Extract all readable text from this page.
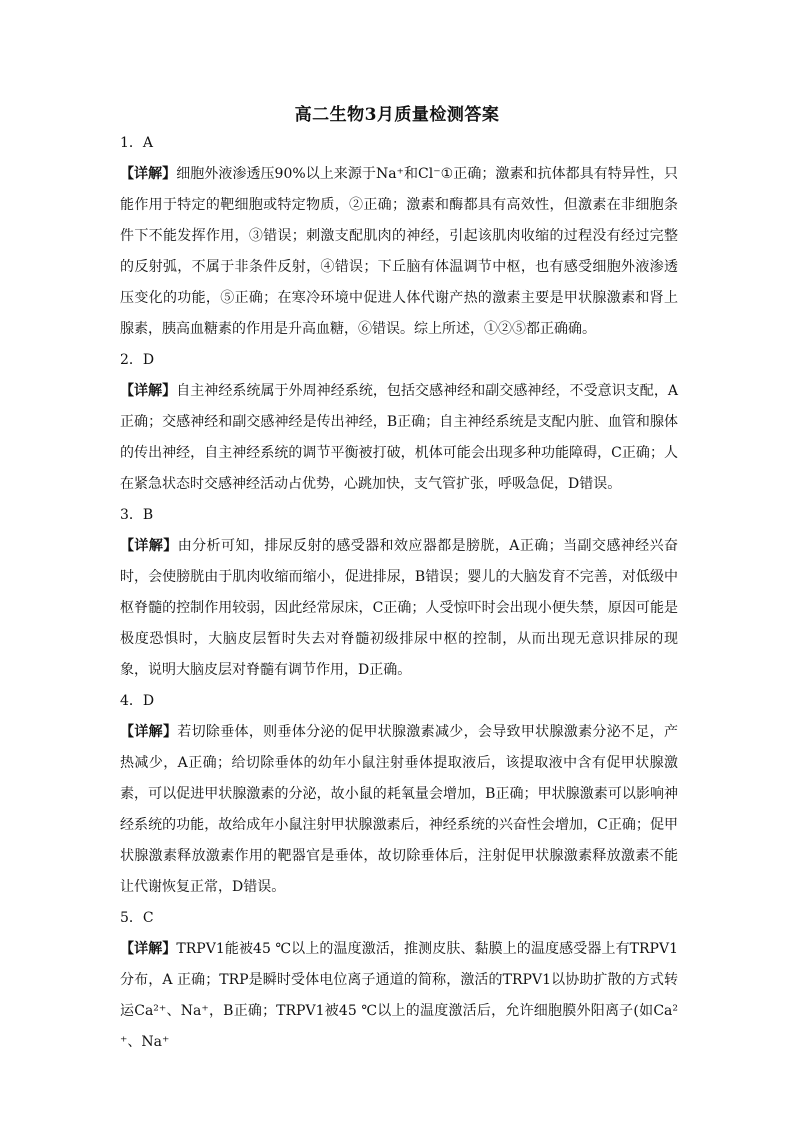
高二生物3月质量检测答案

1．A

【详解】细胞外液渗透压90%以上来源于Na⁺和Cl⁻①正确；激素和抗体都具有特异性，只能作用于特定的靶细胞或特定物质，②正确；激素和酶都具有高效性，但激素在非细胞条件下不能发挥作用，③错误；刺激支配肌肉的神经，引起该肌肉收缩的过程没有经过完整的反射弧，不属于非条件反射，④错误；下丘脑有体温调节中枢，也有感受细胞外液渗透压变化的功能，⑤正确；在寒冷环境中促进人体代谢产热的激素主要是甲状腺激素和肾上腺素，胰高血糖素的作用是升高血糖，⑥错误。综上所述，①②⑤都正确确。

2．D

【详解】自主神经系统属于外周神经系统，包括交感神经和副交感神经，不受意识支配，A正确；交感神经和副交感神经是传出神经，B正确；自主神经系统是支配内脏、血管和腺体的传出神经，自主神经系统的调节平衡被打破，机体可能会出现多种功能障碍，C正确；人在紧急状态时交感神经活动占优势，心跳加快，支气管扩张，呼吸急促，D错误。

3．B

【详解】由分析可知，排尿反射的感受器和效应器都是膀胱，A正确；当副交感神经兴奋时，会使膀胱由于肌肉收缩而缩小，促进排尿，B错误；婴儿的大脑发育不完善，对低级中枢脊髓的控制作用较弱，因此经常尿床，C正确；人受惊吓时会出现小便失禁，原因可能是极度恐惧时，大脑皮层暂时失去对脊髓初级排尿中枢的控制，从而出现无意识排尿的现象，说明大脑皮层对脊髓有调节作用，D正确。

4．D

【详解】若切除垂体，则垂体分泌的促甲状腺激素减少，会导致甲状腺激素分泌不足，产热减少，A正确；给切除垂体的幼年小鼠注射垂体提取液后，该提取液中含有促甲状腺激素，可以促进甲状腺激素的分泌，故小鼠的耗氧量会增加，B正确；甲状腺激素可以影响神经系统的功能，故给成年小鼠注射甲状腺激素后，神经系统的兴奋性会增加，C正确；促甲状腺激素释放激素作用的靶器官是垂体，故切除垂体后，注射促甲状腺激素释放激素不能让代谢恢复正常，D错误。

5．C

【详解】TRPV1能被45 ℃以上的温度激活，推测皮肤、黏膜上的温度感受器上有TRPV1分布，A 正确；TRP是瞬时受体电位离子通道的简称，激活的TRPV1以协助扩散的方式转运Ca²⁺、Na⁺，B正确；TRPV1被45 ℃以上的温度激活后，允许细胞膜外阳离子(如Ca²⁺、Na⁺
